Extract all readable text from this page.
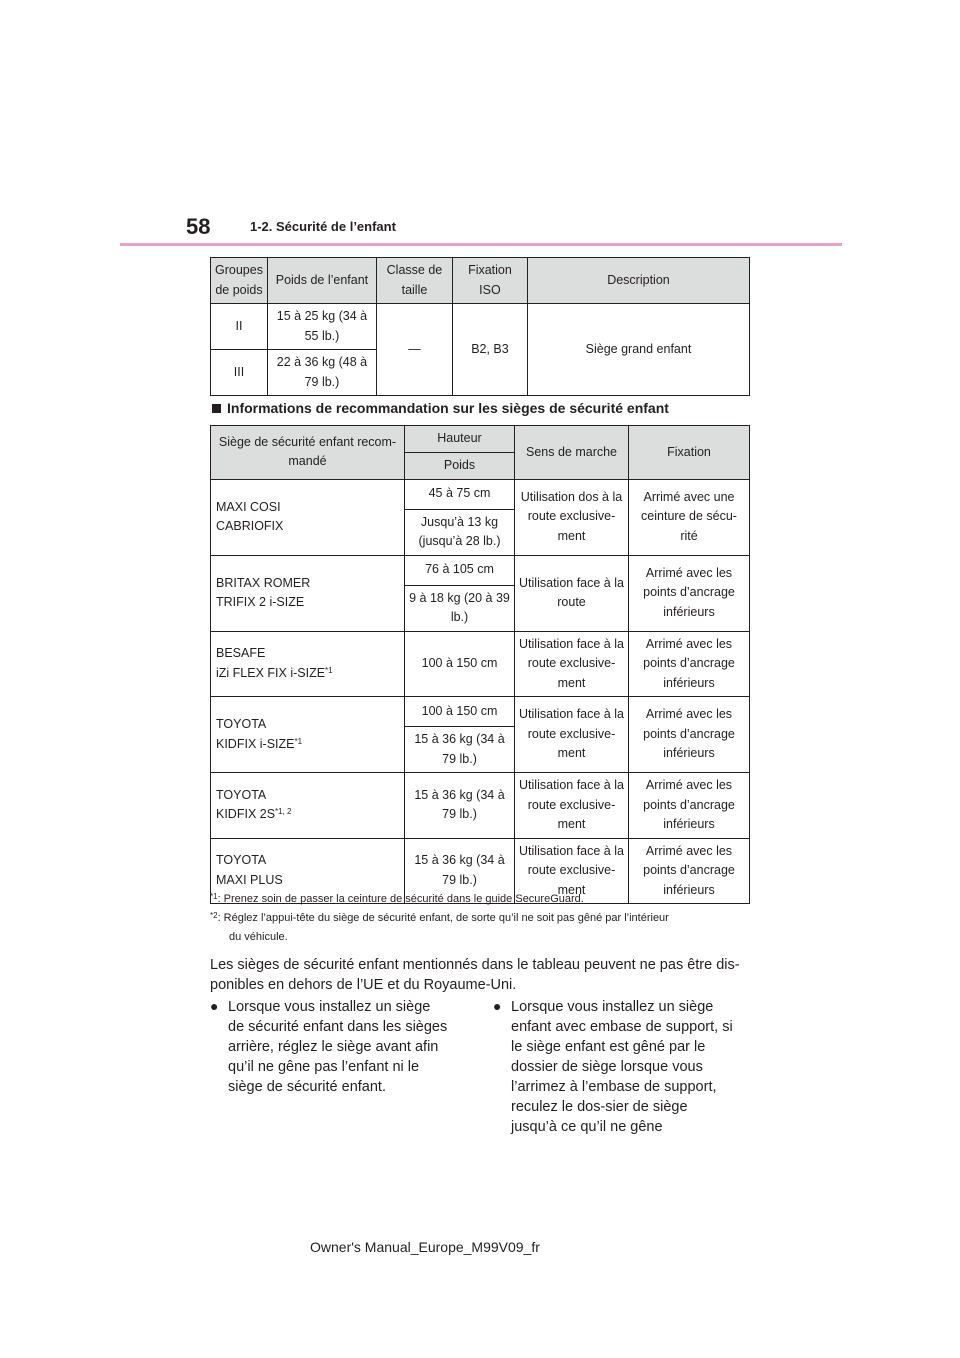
58	1-2. Sécurité de l’enfant
Groupes de poids	Poids de l’enfant	Classe de taille	Fixation ISO	Description
II	15 à 25 kg (34 à 55 lb.)	—	B2, B3	Siège grand enfant
III	22 à 36 kg (48 à 79 lb.)			
Informations de recommandation sur les sièges de sécurité enfant
Siège de sécurité enfant recom-mandé	Hauteur	Sens de marche	Fixation
	Poids		

MAXI COSI
CABRIOFIX	45 à 75 cm	Utilisation dos à la route exclusive-ment	Arrimé avec une ceinture de sécu-rité
	Jusqu’à 13 kg (jusqu’à 28 lb.)		

BRITAX ROMER
TRIFIX 2 i-SIZE	76 à 105 cm	Utilisation face à la route	Arrimé avec les points d’ancrage inférieurs
	9 à 18 kg (20 à 39 lb.)		

BESAFE
iZi FLEX FIX i-SIZE$^{*1}$	100 à 150 cm	Utilisation face à la route exclusive-ment	Arrimé avec les points d’ancrage inférieurs

TOYOTA
KIDFIX i-SIZE$^{*1}$	100 à 150 cm	Utilisation face à la route exclusive-ment	Arrimé avec les points d’ancrage inférieurs
	15 à 36 kg (34 à 79 lb.)		

TOYOTA
KIDFIX $2S^{*1, 2}$	15 à 36 kg (34 à 79 lb.)	Utilisation face à la route exclusive-ment	Arrimé avec les points d’ancrage inférieurs

TOYOTA
MAXI PLUS	15 à 36 kg (34 à 79 lb.)	Utilisation face à la route exclusive-ment	Arrimé avec les points d’ancrage inférieurs
$^{*1}$: Prenez soin de passer la ceinture de sécurité dans le guide SecureGuard.
$^{*2}$: Réglez l’appui-tête du siège de sécurité enfant, de sorte qu’il ne soit pas gêné par l’intérieur
du véhicule.
Les sièges de sécurité enfant mentionnés dans le tableau peuvent ne pas être dis-ponibles en dehors de l’UE et du Royaume-Uni.
● Lorsque vous installez un siège de sécurité enfant dans les sièges arrière, réglez le siège avant afin qu’il ne gêne pas l’enfant ni le siège de sécurité enfant.
● Lorsque vous installez un siège enfant avec embase de support, si le siège enfant est gêné par le dossier de siège lorsque vous l’arrimez à l’embase de support, reculez le dos-sier de siège jusqu’à ce qu’il ne gêne
Owner's Manual_Europe_M99V09_fr
